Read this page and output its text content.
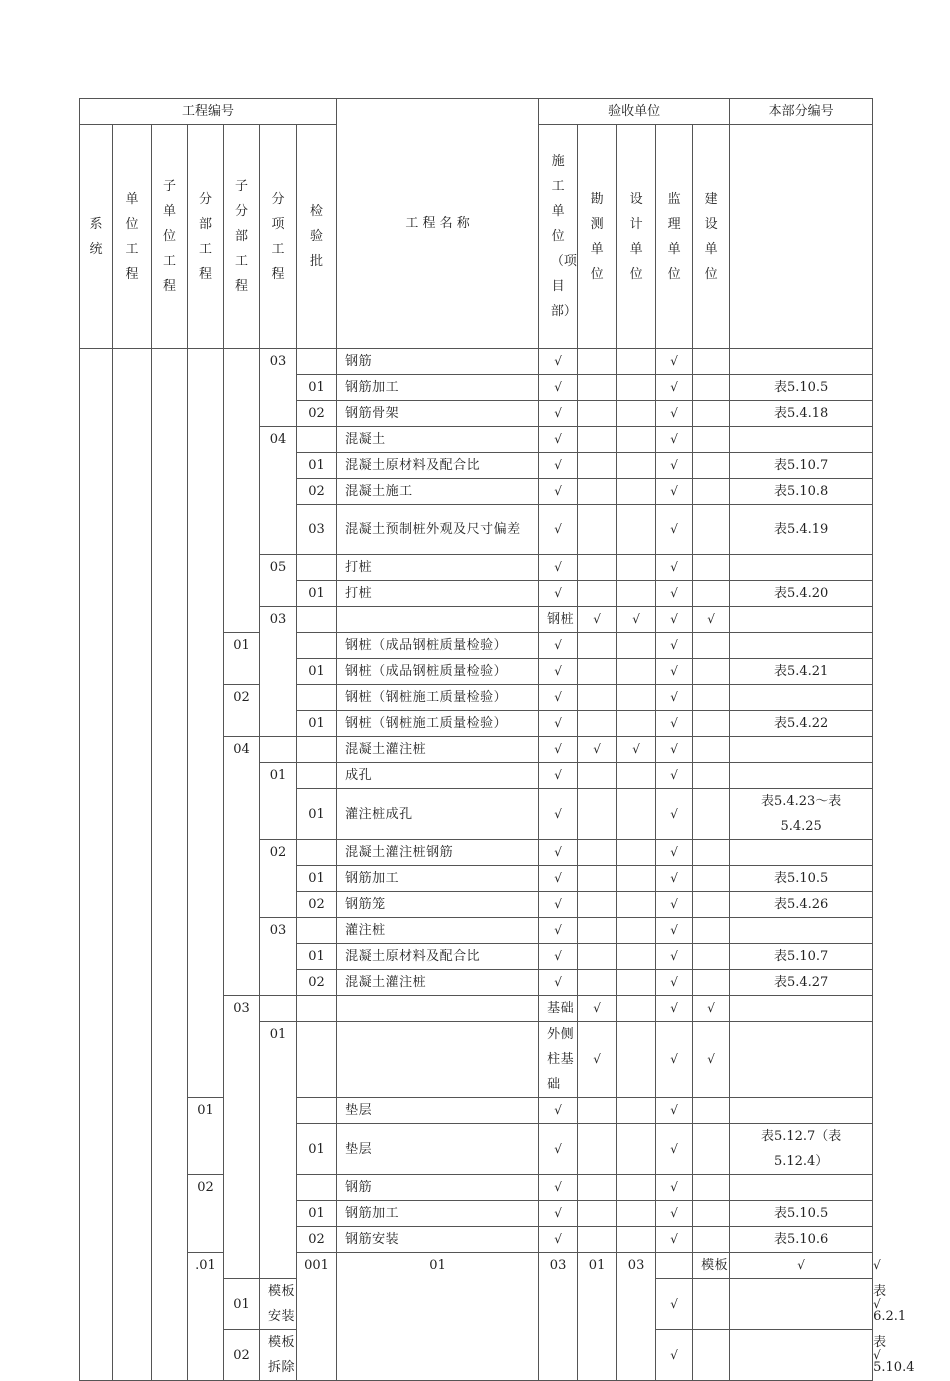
工程编号							工 程 名 称	验收单位					本部分编号	
系统	单位工程	子单位工程	分部工程	子分部工程	分项工程	检验批		施工单位（项目部）	勘测单位	设计单位	监理单位	建设单位		
					03		钢筋	√			√			
						01	钢筋加工	√			√		表5.10.5	
						02	钢筋骨架	√			√		表5.4.18	
					04		混凝土	√			√			
						01	混凝土原材料及配合比	√			√		表5.10.7	
						02	混凝土施工	√			√		表5.10.8	
						03	混凝土预制桩外观及尺寸偏差	√			√		表5.4.19	
					05		打桩	√			√			
						01	打桩	√			√		表5.4.20	
					03			钢桩	√	√	√	√		
				01			钢桩（成品钢桩质量检验）	√			√			
						01	钢桩（成品钢桩质量检验）	√			√		表5.4.21	
				02			钢桩（钢桩施工质量检验）	√			√			
						01	钢桩（钢桩施工质量检验）	√			√		表5.4.22	
				04			混凝土灌注桩	√	√	√	√			
					01		成孔	√			√			
						01	灌注桩成孔	√			√		表5.4.23～表5.4.25	
					02		混凝土灌注桩钢筋	√			√			
						01	钢筋加工	√			√		表5.10.5	
						02	钢筋笼	√			√		表5.4.26	
					03		灌注桩	√			√			
						01	混凝土原材料及配合比	√			√		表5.10.7	
						02	混凝土灌注桩	√			√		表5.4.27	
				03				基础	√		√	√		
					01			外侧柱基础	√		√	√		
			01				垫层	√			√			
						01	垫层	√			√		表5.12.7（表5.12.4）	
			02				钢筋	√			√			
						01	钢筋加工	√			√		表5.10.5	
						02	钢筋安装	√			√		表5.10.6	
			.01			001	01	03	01	03		模板	√			√		
				01	模板安装						√			√		表6.2.1
				02	模板拆除						√			√		表5.10.4
